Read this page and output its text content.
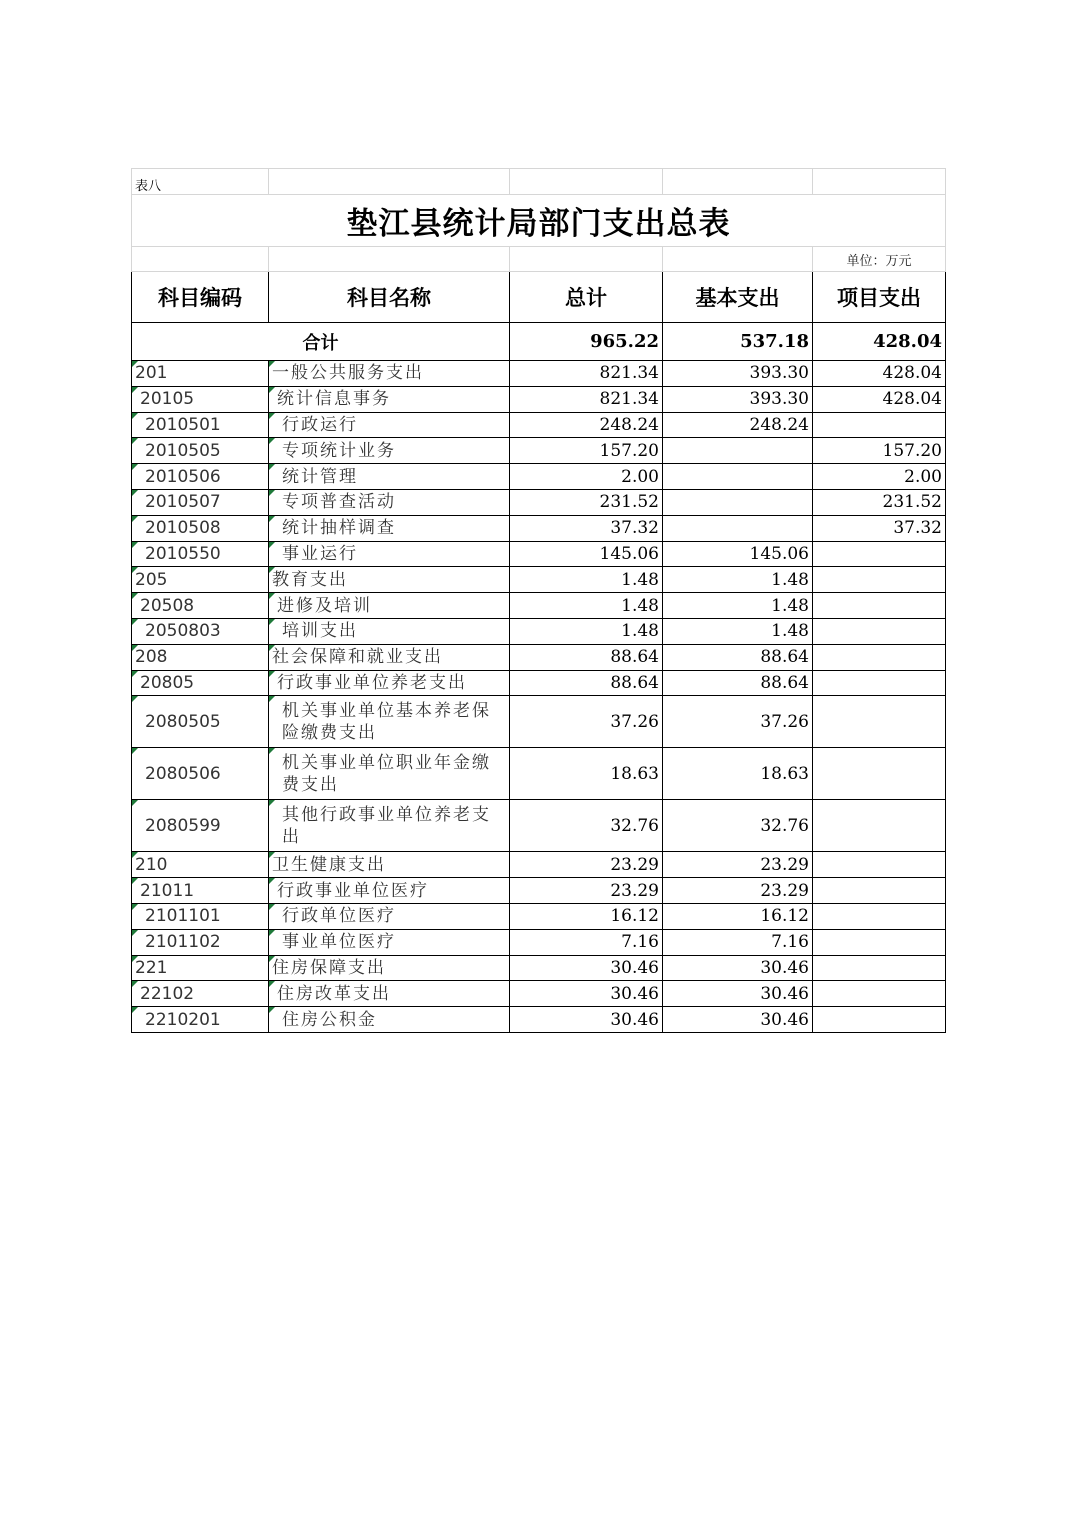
表八				
垫江县统计局部门支出总表				
				单位：万元
科目编码	科目名称	总计	基本支出	项目支出
合计		965.22	537.18	428.04

201	一般公共服务支出	821.34	393.30	428.04

20105	统计信息事务	821.34	393.30	428.04

2010501	行政运行	248.24	248.24	

2010505	专项统计业务	157.20		157.20

2010506	统计管理	2.00		2.00

2010507	专项普查活动	231.52		231.52

2010508	统计抽样调查	37.32		37.32

2010550	事业运行	145.06	145.06	

205	教育支出	1.48	1.48	

20508	进修及培训	1.48	1.48	

2050803	培训支出	1.48	1.48	

208	社会保障和就业支出	88.64	88.64	

20805	行政事业单位养老支出	88.64	88.64	

2080505	机关事业单位基本养老保险缴费支出	37.26	37.26	

2080506	机关事业单位职业年金缴费支出	18.63	18.63	

2080599	其他行政事业单位养老支出	32.76	32.76	

210	卫生健康支出	23.29	23.29	

21011	行政事业单位医疗	23.29	23.29	

2101101	行政单位医疗	16.12	16.12	

2101102	事业单位医疗	7.16	7.16	

221	住房保障支出	30.46	30.46	

22102	住房改革支出	30.46	30.46	

2210201	住房公积金	30.46	30.46	
